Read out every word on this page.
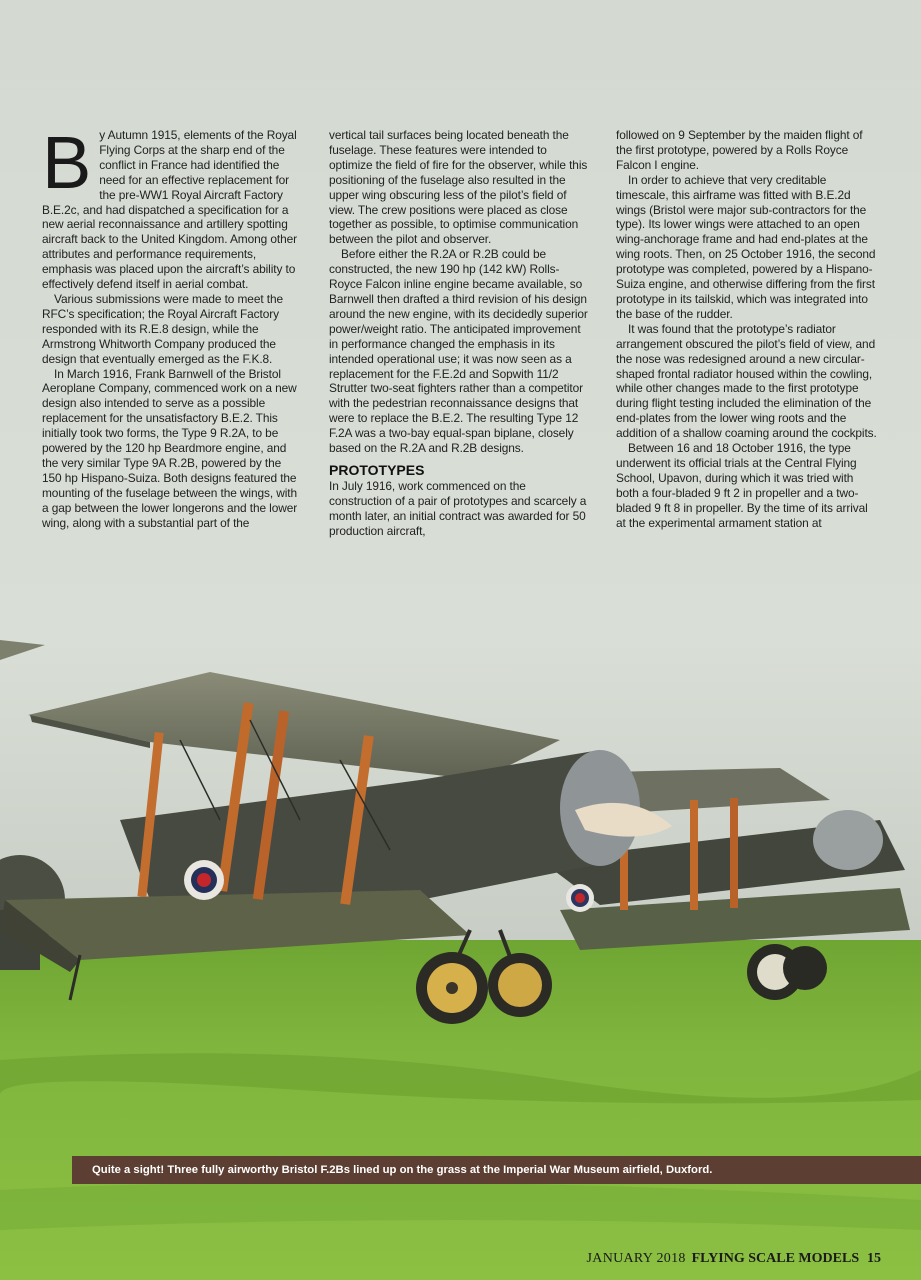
By Autumn 1915, elements of the Royal Flying Corps at the sharp end of the conflict in France had identified the need for an effective replacement for the pre-WW1 Royal Aircraft Factory B.E.2c, and had dispatched a specification for a new aerial reconnaissance and artillery spotting aircraft back to the United Kingdom. Among other attributes and performance requirements, emphasis was placed upon the aircraft’s ability to effectively defend itself in aerial combat.

Various submissions were made to meet the RFC’s specification; the Royal Aircraft Factory responded with its R.E.8 design, while the Armstrong Whitworth Company produced the design that eventually emerged as the F.K.8.

In March 1916, Frank Barnwell of the Bristol Aeroplane Company, commenced work on a new design also intended to serve as a possible replacement for the unsatisfactory B.E.2. This initially took two forms, the Type 9 R.2A, to be powered by the 120 hp Beardmore engine, and the very similar Type 9A R.2B, powered by the 150 hp Hispano-Suiza. Both designs featured the mounting of the fuselage between the wings, with a gap between the lower longerons and the lower wing, along with a substantial part of the

vertical tail surfaces being located beneath the fuselage. These features were intended to optimize the field of fire for the observer, while this positioning of the fuselage also resulted in the upper wing obscuring less of the pilot’s field of view. The crew positions were placed as close together as possible, to optimise communication between the pilot and observer.

Before either the R.2A or R.2B could be constructed, the new 190 hp (142 kW) Rolls-Royce Falcon inline engine became available, so Barnwell then drafted a third revision of his design around the new engine, with its decidedly superior power/weight ratio. The anticipated improvement in performance changed the emphasis in its intended operational use; it was now seen as a replacement for the F.E.2d and Sopwith 11/2 Strutter two-seat fighters rather than a competitor with the pedestrian reconnaissance designs that were to replace the B.E.2. The resulting Type 12 F.2A was a two-bay equal-span biplane, closely based on the R.2A and R.2B designs.

PROTOTYPES

In July 1916, work commenced on the construction of a pair of prototypes and scarcely a month later, an initial contract was awarded for 50 production aircraft,

followed on 9 September by the maiden flight of the first prototype, powered by a Rolls Royce Falcon I engine.

In order to achieve that very creditable timescale, this airframe was fitted with B.E.2d wings (Bristol were major sub-contractors for the type). Its lower wings were attached to an open wing-anchorage frame and had end-plates at the wing roots. Then, on 25 October 1916, the second prototype was completed, powered by a Hispano-Suiza engine, and otherwise differing from the first prototype in its tailskid, which was integrated into the base of the rudder.

It was found that the prototype’s radiator arrangement obscured the pilot’s field of view, and the nose was redesigned around a new circular-shaped frontal radiator housed within the cowling, while other changes made to the first prototype during flight testing included the elimination of the end-plates from the lower wing roots and the addition of a shallow coaming around the cockpits.

Between 16 and 18 October 1916, the type underwent its official trials at the Central Flying School, Upavon, during which it was tried with both a four-bladed 9 ft 2 in propeller and a two-bladed 9 ft 8 in propeller. By the time of its arrival at the experimental armament station at

Quite a sight! Three fully airworthy Bristol F.2Bs lined up on the grass at the Imperial War Museum airfield, Duxford.
JANUARY 2018 FLYING SCALE MODELS 15
